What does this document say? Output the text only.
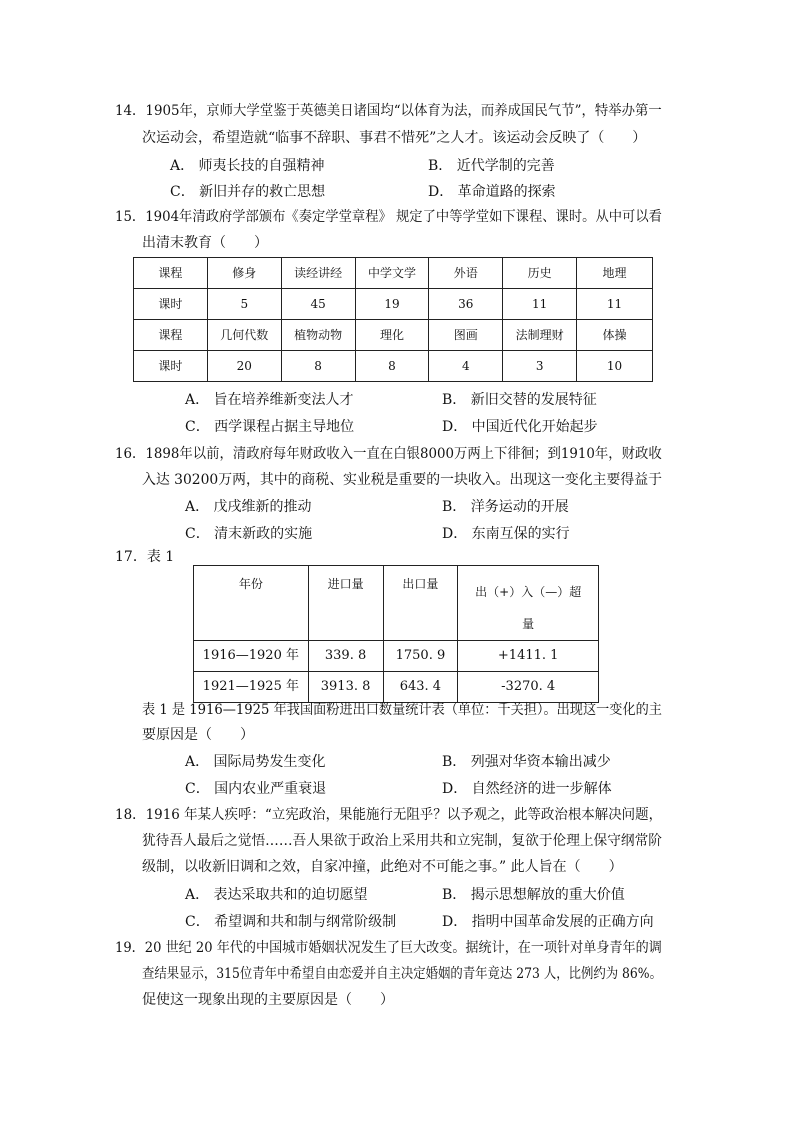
14．1905年，京师大学堂鉴于英德美日诸国均“以体育为法，而养成国民气节”，特举办第一
次运动会，希望造就“临事不辞职、事君不惜死”之人才。该运动会反映了（　　）
A． 师夷长技的自强精神	B． 近代学制的完善
C． 新旧并存的救亡思想	D． 革命道路的探索
15．1904年清政府学部颁布《奏定学堂章程》 规定了中等学堂如下课程、课时。从中可以看
出清末教育（　　）
课程	修身	读经讲经	中学文学	外语	历史	地理
课时	5	45	19	36	11	11
课程	几何代数	植物动物	理化	图画	法制理财	体操
课时	20	8	8	4	3	10
A． 旨在培养维新变法人才	B． 新旧交替的发展特征
C． 西学课程占据主导地位	D． 中国近代化开始起步
16．1898年以前，清政府每年财政收入一直在白银8000万两上下徘徊；到1910年，财政收
入达 30200万两，其中的商税、实业税是重要的一块收入。出现这一变化主要得益于
A． 戊戌维新的推动	B． 洋务运动的开展
C． 清末新政的实施	D． 东南互保的实行
17．表 1
年份	进口量	出口量	出（+）入（—）超
量

1916—1920 年	339. 8	1750. 9	+1411. 1
1921—1925 年	3913. 8	643. 4	-3270. 4
表 1 是 1916—1925 年我国面粉进出口数量统计表（单位：千关担）。出现这一变化的主
要原因是（　　）
A． 国际局势发生变化	B． 列强对华资本输出减少
C． 国内农业严重衰退	D． 自然经济的进一步解体
18．1916 年某人疾呼：“立宪政治，果能施行无阻乎？以予观之，此等政治根本解决问题，
犹待吾人最后之觉悟……吾人果欲于政治上采用共和立宪制，复欲于伦理上保守纲常阶
级制，以收新旧调和之效，自家冲撞，此绝对不可能之事。” 此人旨在（　　）
A． 表达采取共和的迫切愿望	B． 揭示思想解放的重大价值
C． 希望调和共和制与纲常阶级制	D． 指明中国革命发展的正确方向
19．20 世纪 20 年代的中国城市婚姻状况发生了巨大改变。据统计，在一项针对单身青年的调
查结果显示，315位青年中希望自由恋爱并自主决定婚姻的青年竟达 273 人，比例约为 86%。
促使这一现象出现的主要原因是（　　）
